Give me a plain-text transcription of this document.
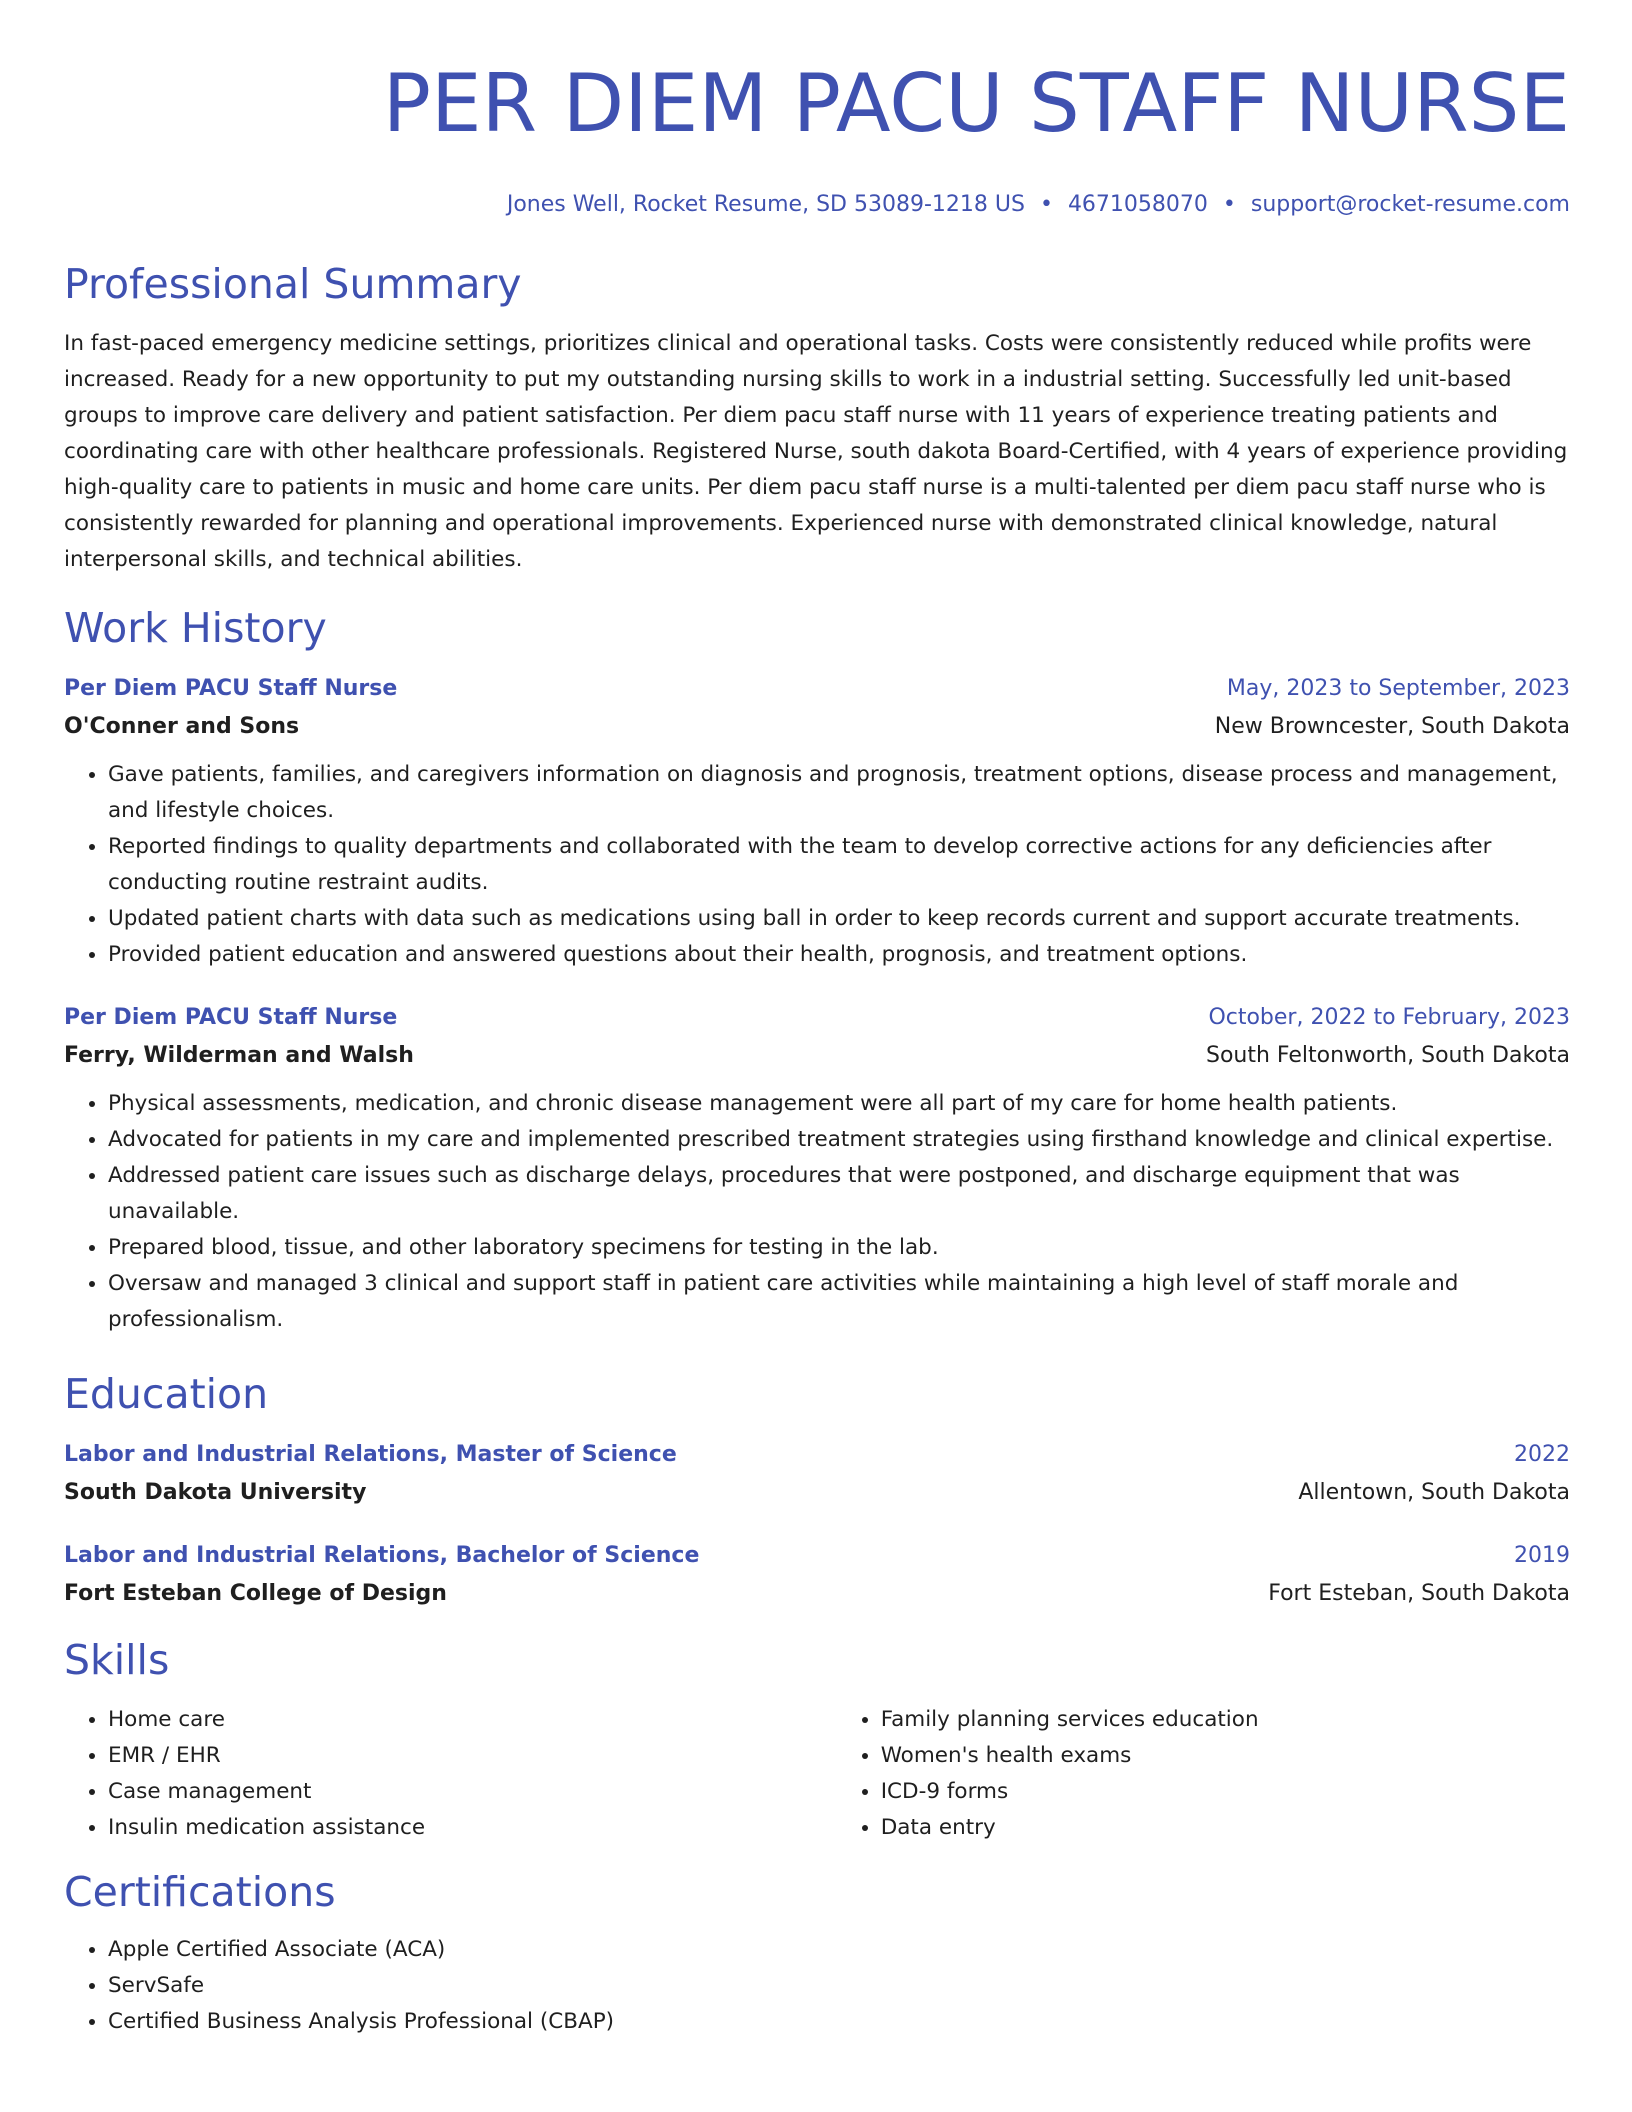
PER DIEM PACU STAFF NURSE
Jones Well, Rocket Resume, SD 53089-1218 US • 4671058070 • support@rocket-resume.com
Professional Summary
In fast-paced emergency medicine settings, prioritizes clinical and operational tasks. Costs were consistently reduced while profits were increased. Ready for a new opportunity to put my outstanding nursing skills to work in a industrial setting. Successfully led unit-based groups to improve care delivery and patient satisfaction. Per diem pacu staff nurse with 11 years of experience treating patients and coordinating care with other healthcare professionals. Registered Nurse, south dakota Board-Certified, with 4 years of experience providing high-quality care to patients in music and home care units. Per diem pacu staff nurse is a multi-talented per diem pacu staff nurse who is consistently rewarded for planning and operational improvements. Experienced nurse with demonstrated clinical knowledge, natural interpersonal skills, and technical abilities.
Work History
Per Diem PACU Staff Nurse	May, 2023 to September, 2023
O'Conner and Sons	New Browncester, South Dakota
• Gave patients, families, and caregivers information on diagnosis and prognosis, treatment options, disease process and management, and lifestyle choices.
• Reported findings to quality departments and collaborated with the team to develop corrective actions for any deficiencies after conducting routine restraint audits.
• Updated patient charts with data such as medications using ball in order to keep records current and support accurate treatments.
• Provided patient education and answered questions about their health, prognosis, and treatment options.
Per Diem PACU Staff Nurse	October, 2022 to February, 2023
Ferry, Wilderman and Walsh	South Feltonworth, South Dakota
• Physical assessments, medication, and chronic disease management were all part of my care for home health patients.
• Advocated for patients in my care and implemented prescribed treatment strategies using firsthand knowledge and clinical expertise.
• Addressed patient care issues such as discharge delays, procedures that were postponed, and discharge equipment that was unavailable.
• Prepared blood, tissue, and other laboratory specimens for testing in the lab.
• Oversaw and managed 3 clinical and support staff in patient care activities while maintaining a high level of staff morale and professionalism.
Education
Labor and Industrial Relations, Master of Science	2022
South Dakota University	Allentown, South Dakota
Labor and Industrial Relations, Bachelor of Science	2019
Fort Esteban College of Design	Fort Esteban, South Dakota
Skills
• Home care
• EMR / EHR
• Case management
• Insulin medication assistance
• Family planning services education
• Women's health exams
• ICD-9 forms
• Data entry
Certifications
• Apple Certified Associate (ACA)
• ServSafe
• Certified Business Analysis Professional (CBAP)
